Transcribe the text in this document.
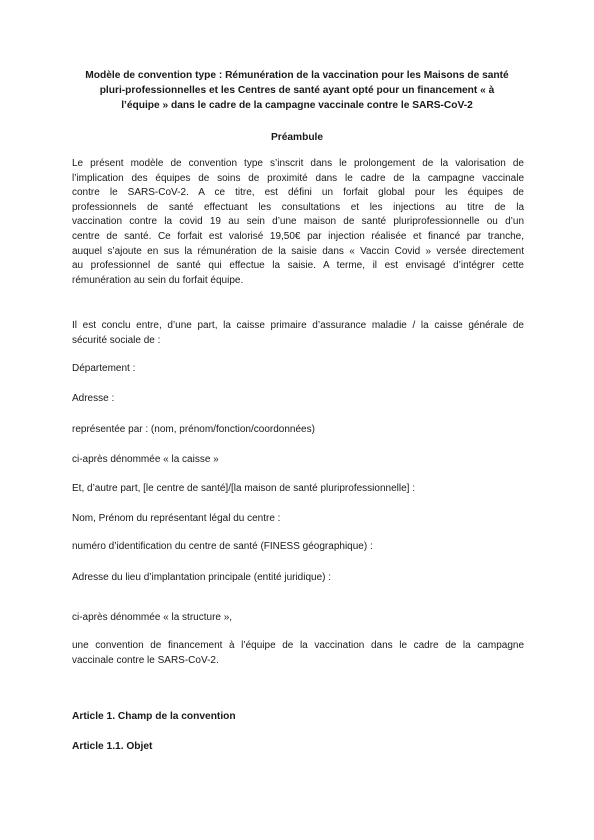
Modèle de convention type : Rémunération de la vaccination pour les Maisons de santé
pluri-professionnelles et les Centres de santé ayant opté pour un financement « à
l’équipe » dans le cadre de la campagne vaccinale contre le SARS-CoV-2
Préambule
Le présent modèle de convention type s’inscrit dans le prolongement de la valorisation de
l’implication des équipes de soins de proximité dans le cadre de la campagne vaccinale
contre le SARS-CoV-2. A ce titre, est défini un forfait global pour les équipes de
professionnels de santé effectuant les consultations et les injections au titre de la
vaccination contre la covid 19 au sein d’une maison de santé pluriprofessionnelle ou d’un
centre de santé. Ce forfait est valorisé 19,50€ par injection réalisée et financé par tranche,
auquel s’ajoute en sus la rémunération de la saisie dans « Vaccin Covid » versée directement
au professionnel de santé qui effectue la saisie. A terme, il est envisagé d’intégrer cette
rémunération au sein du forfait équipe.
Il est conclu entre, d’une part, la caisse primaire d’assurance maladie / la caisse générale de
sécurité sociale de :
Département :
Adresse :
représentée par : (nom, prénom/fonction/coordonnées)
ci-après dénommée « la caisse »
Et, d’autre part, [le centre de santé]/[la maison de santé pluriprofessionnelle] :
Nom, Prénom du représentant légal du centre :
numéro d’identification du centre de santé (FINESS géographique) :
Adresse du lieu d’implantation principale (entité juridique) :
ci-après dénommée « la structure »,
une convention de financement à l’équipe de la vaccination dans le cadre de la campagne
vaccinale contre le SARS-CoV-2.
Article 1. Champ de la convention
Article 1.1. Objet
